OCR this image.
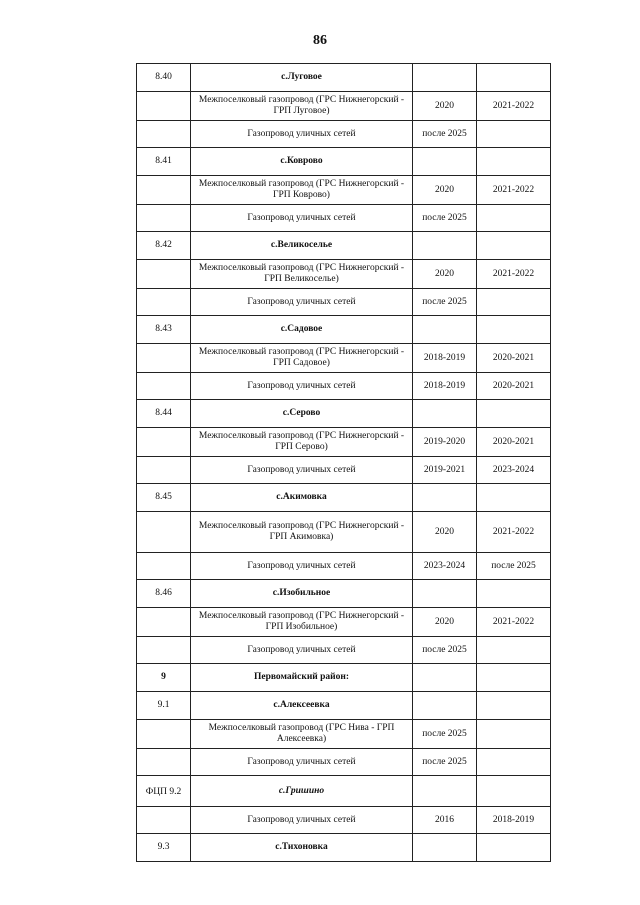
86
8.40	с.Луговое		
	Межпоселковый газопровод (ГРС Нижнегорский - ГРП Луговое)	2020	2021-2022
	Газопровод уличных сетей	после 2025	
8.41	с.Коврово		
	Межпоселковый газопровод (ГРС Нижнегорский - ГРП Коврово)	2020	2021-2022
	Газопровод уличных сетей	после 2025	
8.42	с.Великоселье		
	Межпоселковый газопровод (ГРС Нижнегорский - ГРП Великоселье)	2020	2021-2022
	Газопровод уличных сетей	после 2025	
8.43	с.Садовое		
	Межпоселковый газопровод (ГРС Нижнегорский - ГРП Садовое)	2018-2019	2020-2021
	Газопровод уличных сетей	2018-2019	2020-2021
8.44	с.Серово		
	Межпоселковый газопровод (ГРС Нижнегорский - ГРП Серово)	2019-2020	2020-2021
	Газопровод уличных сетей	2019-2021	2023-2024
8.45	с.Акимовка		
	Межпоселковый газопровод (ГРС Нижнегорский - ГРП Акимовка)	2020	2021-2022
	Газопровод уличных сетей	2023-2024	после 2025
8.46	с.Изобильное		
	Межпоселковый газопровод (ГРС Нижнегорский - ГРП Изобильное)	2020	2021-2022
	Газопровод уличных сетей	после 2025	
9	Первомайский район:		
9.1	с.Алексеевка		
	Межпоселковый газопровод (ГРС Нива - ГРП Алексеевка)	после 2025	
	Газопровод уличных сетей	после 2025	
ФЦП 9.2	с.Гришино		
	Газопровод уличных сетей	2016	2018-2019
9.3	с.Тихоновка		
